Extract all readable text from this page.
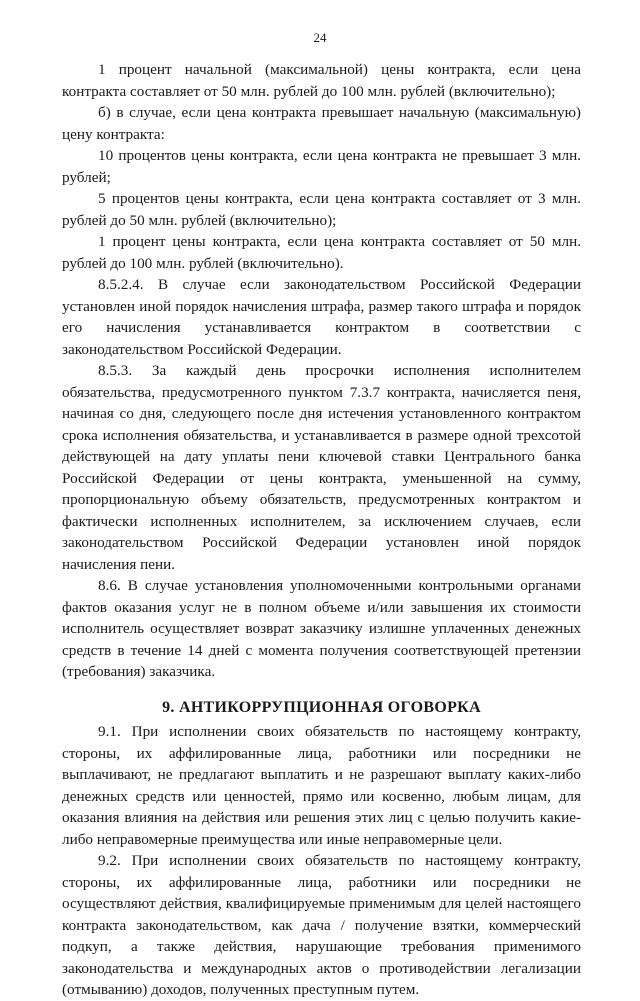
24

1 процент начальной (максимальной) цены контракта, если цена контракта составляет от 50 млн. рублей до 100 млн. рублей (включительно);

б) в случае, если цена контракта превышает начальную (максимальную) цену контракта:

10 процентов цены контракта, если цена контракта не превышает 3 млн. рублей;

5 процентов цены контракта, если цена контракта составляет от 3 млн. рублей до 50 млн. рублей (включительно);

1 процент цены контракта, если цена контракта составляет от 50 млн. рублей до 100 млн. рублей (включительно).

8.5.2.4. В случае если законодательством Российской Федерации установлен иной порядок начисления штрафа, размер такого штрафа и порядок его начисления устанавливается контрактом в соответствии с законодательством Российской Федерации.

8.5.3. За каждый день просрочки исполнения исполнителем обязательства, предусмотренного пунктом 7.3.7 контракта, начисляется пеня, начиная со дня, следующего после дня истечения установленного контрактом срока исполнения обязательства, и устанавливается в размере одной трехсотой действующей на дату уплаты пени ключевой ставки Центрального банка Российской Федерации от цены контракта, уменьшенной на сумму, пропорциональную объему обязательств, предусмотренных контрактом и фактически исполненных исполнителем, за исключением случаев, если законодательством Российской Федерации установлен иной порядок начисления пени.

8.6. В случае установления уполномоченными контрольными органами фактов оказания услуг не в полном объеме и/или завышения их стоимости исполнитель осуществляет возврат заказчику излишне уплаченных денежных средств в течение 14 дней с момента получения соответствующей претензии (требования) заказчика.

9. АНТИКОРРУПЦИОННАЯ ОГОВОРКА

9.1. При исполнении своих обязательств по настоящему контракту, стороны, их аффилированные лица, работники или посредники не выплачивают, не предлагают выплатить и не разрешают выплату каких-либо денежных средств или ценностей, прямо или косвенно, любым лицам, для оказания влияния на действия или решения этих лиц с целью получить какие-либо неправомерные преимущества или иные неправомерные цели.

9.2. При исполнении своих обязательств по настоящему контракту, стороны, их аффилированные лица, работники или посредники не осуществляют действия, квалифицируемые применимым для целей настоящего контракта законодательством, как дача / получение взятки, коммерческий подкуп, а также действия, нарушающие требования применимого законодательства и международных актов о противодействии легализации (отмыванию) доходов, полученных преступным путем.
